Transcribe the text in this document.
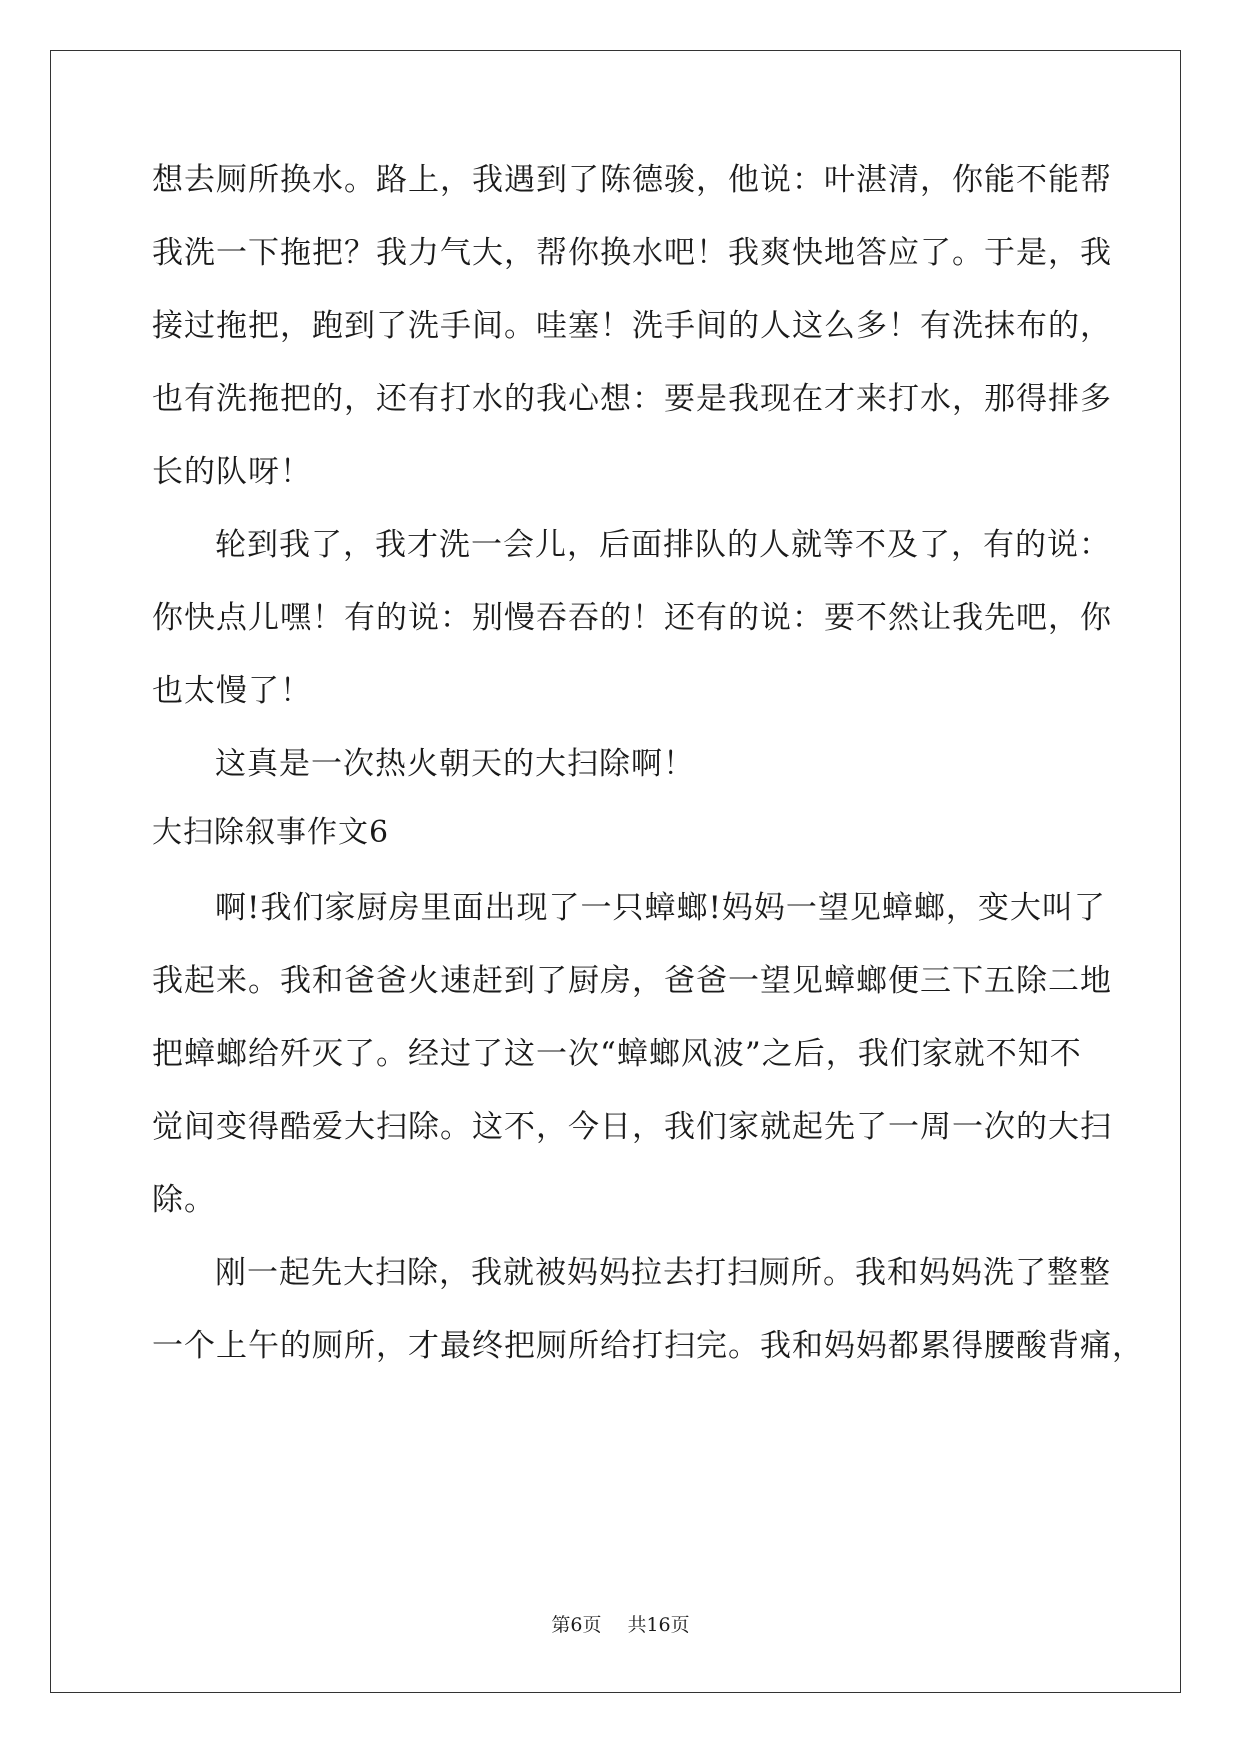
想去厕所换水。路上，我遇到了陈德骏，他说：叶湛清，你能不能帮
我洗一下拖把？我力气大，帮你换水吧！我爽快地答应了。于是，我
接过拖把，跑到了洗手间。哇塞！洗手间的人这么多！有洗抹布的，
也有洗拖把的，还有打水的我心想：要是我现在才来打水，那得排多
长的队呀！
轮到我了，我才洗一会儿，后面排队的人就等不及了，有的说：
你快点儿嘿！有的说：别慢吞吞的！还有的说：要不然让我先吧，你
也太慢了！
这真是一次热火朝天的大扫除啊！
大扫除叙事作文6
啊!我们家厨房里面出现了一只蟑螂!妈妈一望见蟑螂，变大叫了
我起来。我和爸爸火速赶到了厨房，爸爸一望见蟑螂便三下五除二地
把蟑螂给歼灭了。经过了这一次“蟑螂风波”之后，我们家就不知不
觉间变得酷爱大扫除。这不，今日，我们家就起先了一周一次的大扫
除。
刚一起先大扫除，我就被妈妈拉去打扫厕所。我和妈妈洗了整整
一个上午的厕所，才最终把厕所给打扫完。我和妈妈都累得腰酸背痛，
第6页 共16页
